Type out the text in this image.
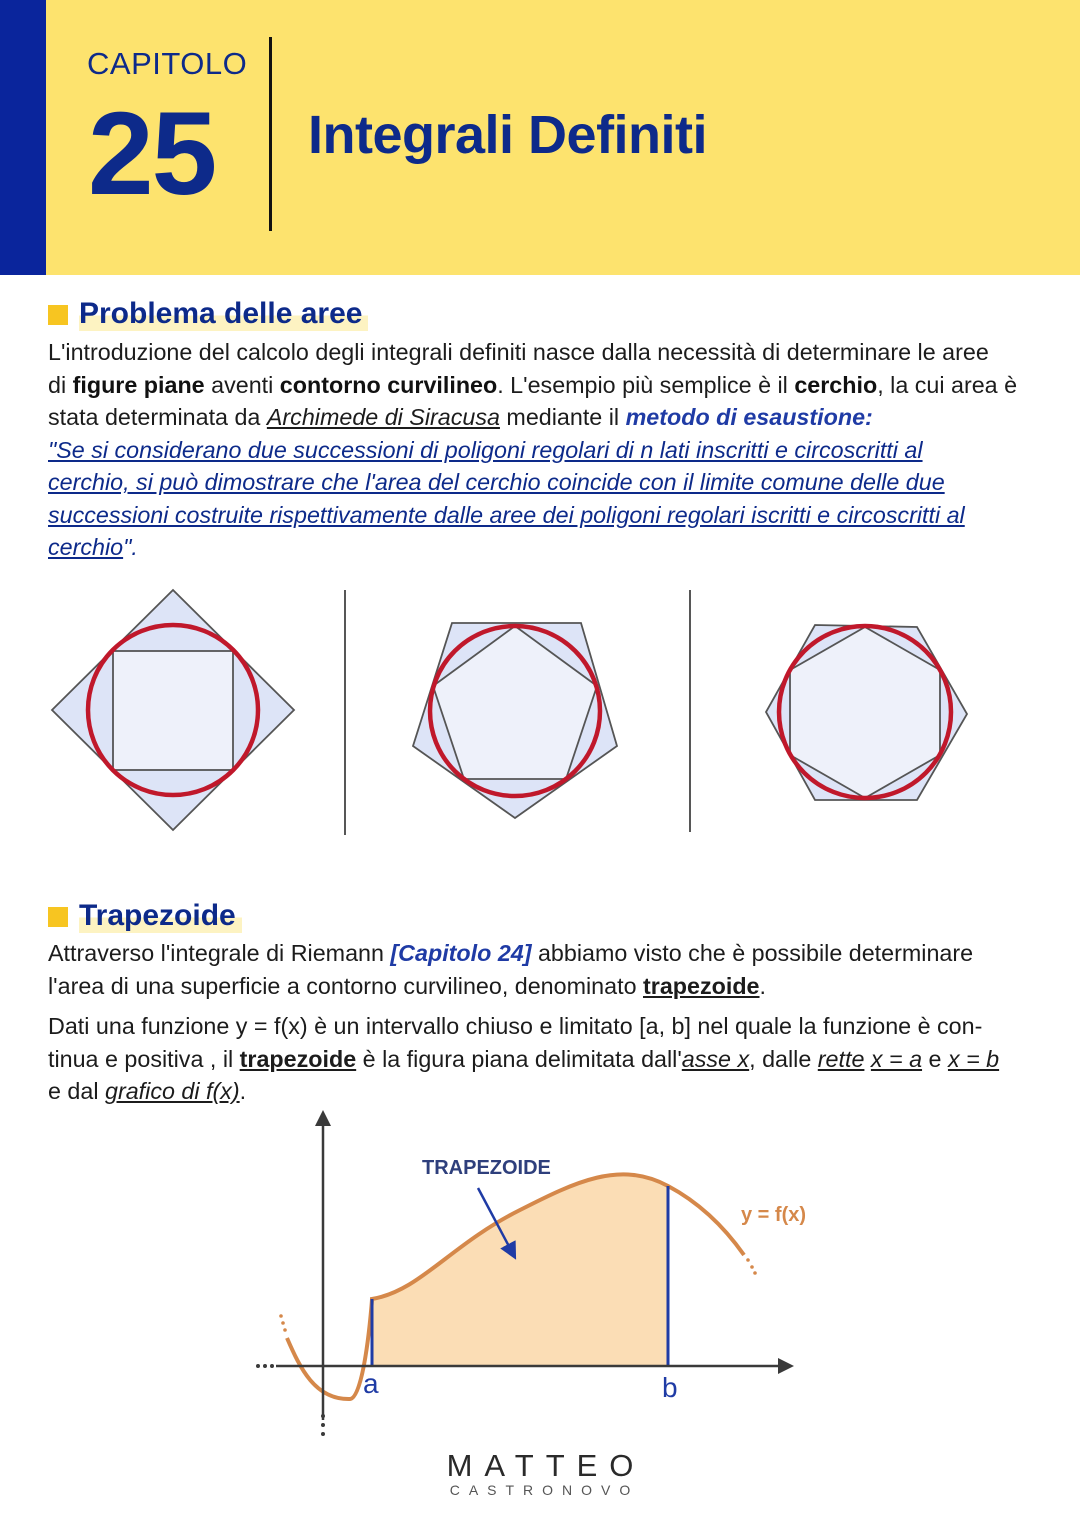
CAPITOLO
25 Integrali Definiti
Problema delle aree
L'introduzione del calcolo degli integrali definiti nasce dalla necessità di determinare le aree
di figure piane aventi contorno curvilineo. L'esempio più semplice è il cerchio, la cui area è
stata determinata da Archimede di Siracusa mediante il metodo di esaustione:
"Se si considerano due successioni di poligoni regolari di n lati inscritti e circoscritti al
cerchio, si può dimostrare che l'area del cerchio coincide con il limite comune delle due
successioni costruite rispettivamente dalle aree dei poligoni regolari iscritti e circoscritti al
cerchio".
Trapezoide
Attraverso l'integrale di Riemann [Capitolo 24] abbiamo visto che è possibile determinare
l'area di una superficie a contorno curvilineo, denominato trapezoide.
Dati una funzione y = f(x) è un intervallo chiuso e limitato [a, b] nel quale la funzione è con-
tinua e positiva , il trapezoide è la figura piana delimitata dall'asse x, dalle rette x = a e x = b
e dal grafico di f(x).
TRAPEZOIDE
y = f(x)
a	b
MATTEO
CASTRONOVO
